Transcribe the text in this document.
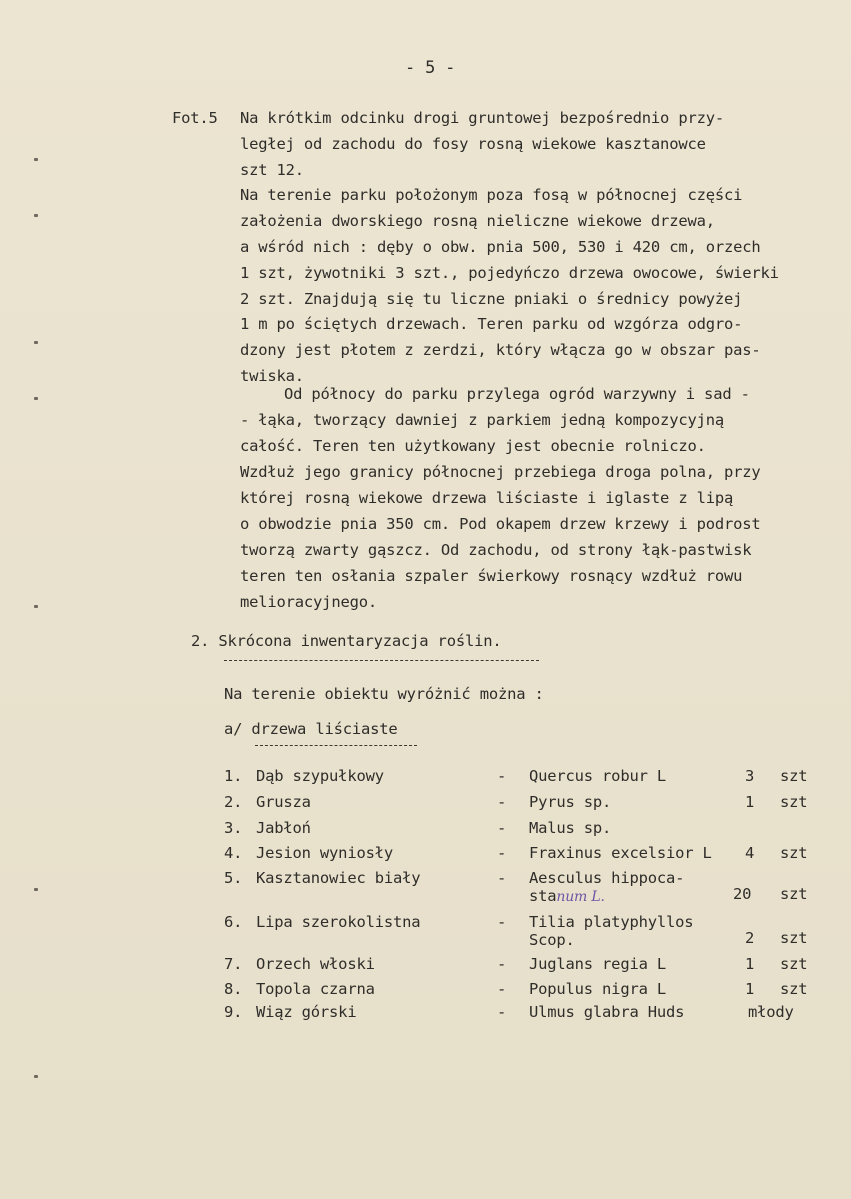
- 5 -
Fot.5 Na krótkim odcinku drogi gruntowej bezpośrednio przy-
ległej od zachodu do fosy rosną wiekowe kasztanowce
szt 12.
Na terenie parku położonym poza fosą w północnej części
założenia dworskiego rosną nieliczne wiekowe drzewa,
a wśród nich : dęby o obw. pnia 500, 530 i 420 cm, orzech
1 szt, żywotniki 3 szt., pojedyńczo drzewa owocowe, świerki
2 szt. Znajdują się tu liczne pniaki o średnicy powyżej
1 m po ściętych drzewach. Teren parku od wzgórza odgro-
dzony jest płotem z zerdzi, który włącza go w obszar pas-
twiska.
Od północy do parku przylega ogród warzywny i sad -
- łąka, tworzący dawniej z parkiem jedną kompozycyjną
całość. Teren ten użytkowany jest obecnie rolniczo.
Wzdłuż jego granicy północnej przebiega droga polna, przy
której rosną wiekowe drzewa liściaste i iglaste z lipą
o obwodzie pnia 350 cm. Pod okapem drzew krzewy i podrost
tworzą zwarty gąszcz. Od zachodu, od strony łąk-pastwisk
teren ten osłania szpaler świerkowy rosnący wzdłuż rowu
melioracyjnego.
2. Skrócona inwentaryzacja roślin.
Na terenie obiektu wyróżnić można :
a/ drzewa liściaste
1. Dąb szypułkowy	- Quercus robur L	3 szt
2. Grusza	- Pyrus sp.	1 szt
3. Jabłoń	- Malus sp.
4. Jesion wyniosły	- Fraxinus excelsior L 4 szt
5. Kasztanowiec biały	- Aesculus hippoca-
stanum L.	20 szt
6. Lipa szerokolistna	- Tilia platyphyllos
Scop.	2 szt
7. Orzech włoski	- Juglans regia L	1 szt
8. Topola czarna	- Populus nigra L	1 szt
9. Wiąz górski	- Ulmus glabra Huds	młody
